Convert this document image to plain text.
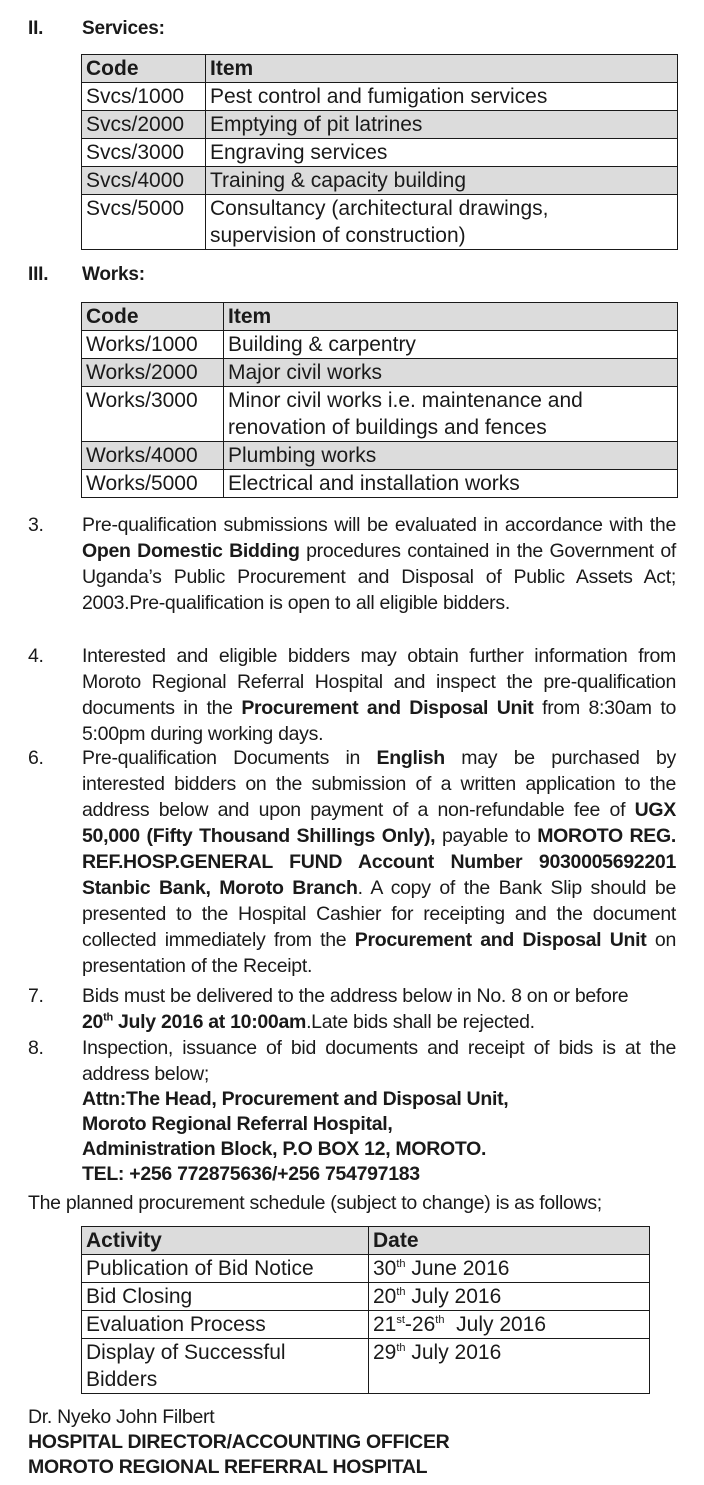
II.	Services:
Code	Item
Svcs/1000	Pest control and fumigation services
Svcs/2000	Emptying of pit latrines
Svcs/3000	Engraving services
Svcs/4000	Training & capacity building
Svcs/5000	Consultancy (architectural drawings, supervision of construction)
III.	Works:
Code	Item
Works/1000	Building & carpentry
Works/2000	Major civil works
Works/3000	Minor civil works i.e. maintenance and renovation of buildings and fences
Works/4000	Plumbing works
Works/5000	Electrical and installation works
3.	Pre-qualification submissions will be evaluated in accordance with the Open Domestic Bidding procedures contained in the Government of Uganda’s Public Procurement and Disposal of Public Assets Act; 2003.Pre-qualification is open to all eligible bidders.
4.	Interested and eligible bidders may obtain further information from Moroto Regional Referral Hospital and inspect the pre-qualification documents in the Procurement and Disposal Unit from 8:30am to 5:00pm during working days.
6.	Pre-qualification Documents in English may be purchased by interested bidders on the submission of a written application to the address below and upon payment of a non-refundable fee of UGX 50,000 (Fifty Thousand Shillings Only), payable to MOROTO REG. REF.HOSP.GENERAL FUND Account Number 9030005692201 Stanbic Bank, Moroto Branch. A copy of the Bank Slip should be presented to the Hospital Cashier for receipting and the document collected immediately from the Procurement and Disposal Unit on presentation of the Receipt.
7.	Bids must be delivered to the address below in No. 8 on or before
20th July 2016 at 10:00am.Late bids shall be rejected.
8.	Inspection, issuance of bid documents and receipt of bids is at the address below;
Attn:The Head, Procurement and Disposal Unit,
Moroto Regional Referral Hospital,
Administration Block, P.O BOX 12, MOROTO.
TEL: +256 772875636/+256 754797183
The planned procurement schedule (subject to change) is as follows;
Activity	Date
Publication of Bid Notice	30th June 2016
Bid Closing	20th July 2016
Evaluation Process	21st-26th  July 2016
Display of Successful Bidders	29th July 2016
Dr. Nyeko John Filbert
HOSPITAL DIRECTOR/ACCOUNTING OFFICER
MOROTO REGIONAL REFERRAL HOSPITAL
